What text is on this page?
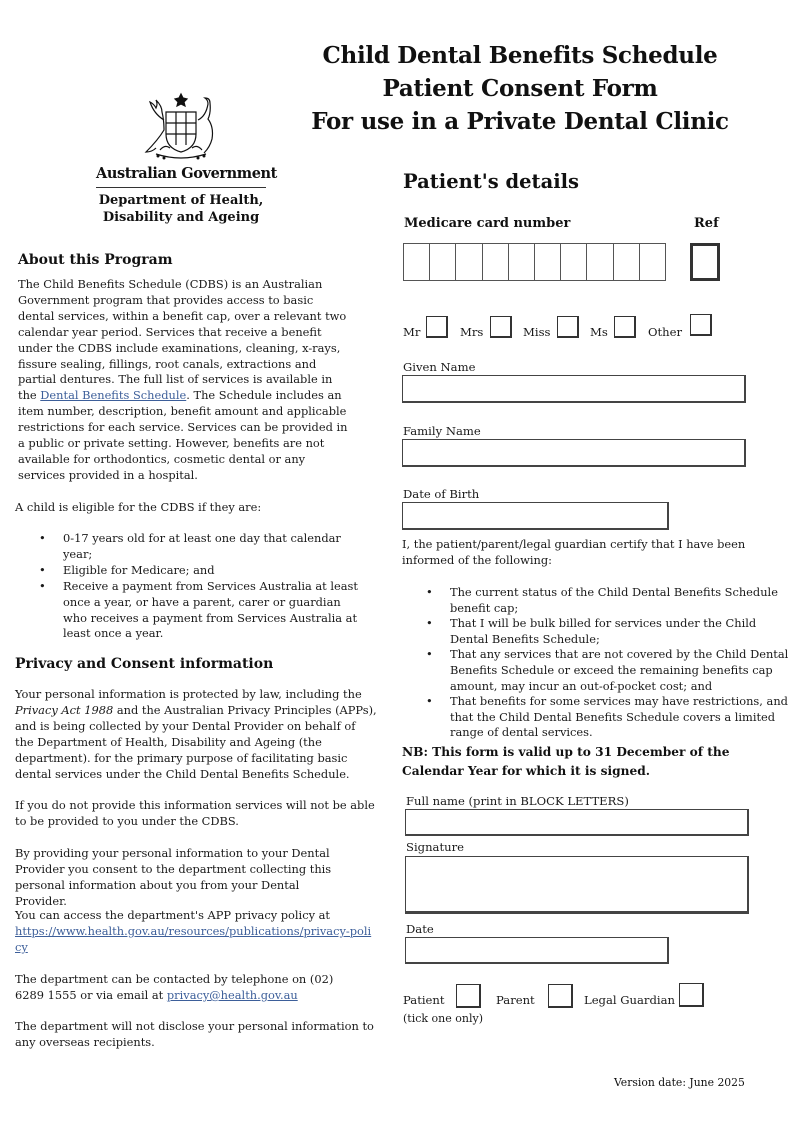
Child Dental Benefits Schedule
Patient Consent Form
For use in a Private Dental Clinic
Australian Government
Department of Health,
Disability and Ageing
About this Program

The Child Benefits Schedule (CDBS) is an Australian Government program that provides access to basic dental services, within a benefit cap, over a relevant two calendar year period. Services that receive a benefit under the CDBS include examinations, cleaning, x-rays, fissure sealing, fillings, root canals, extractions and partial dentures. The full list of services is available in the Dental Benefits Schedule. The Schedule includes an item number, description, benefit amount and applicable restrictions for each service. Services can be provided in a public or private setting. However, benefits are not available for orthodontics, cosmetic dental or any services provided in a hospital.

A child is eligible for the CDBS if they are:
• 0-17 years old for at least one day that calendar year;
• Eligible for Medicare; and
• Receive a payment from Services Australia at least once a year, or have a parent, carer or guardian who receives a payment from Services Australia at least once a year.
Privacy and Consent information
Your personal information is protected by law, including the Privacy Act 1988 and the Australian Privacy Principles (APPs), and is being collected by your Dental Provider on behalf of the Department of Health, Disability and Ageing (the department). for the primary purpose of facilitating basic dental services under the Child Dental Benefits Schedule.
If you do not provide this information services will not be able to be provided to you under the CDBS.
By providing your personal information to your Dental Provider you consent to the department collecting this personal information about you from your Dental Provider.
You can access the department's APP privacy policy at
https://www.health.gov.au/resources/publications/privacy-policy
The department can be contacted by telephone on (02) 6289 1555 or via email at privacy@health.gov.au
The department will not disclose your personal information to any overseas recipients.
Patient's details
Medicare card number	Ref
Mr	Mrs	Miss	Ms	Other
Given Name
Family Name
Date of Birth
I, the patient/parent/legal guardian certify that I have been informed of the following:
• The current status of the Child Dental Benefits Schedule benefit cap;
• That I will be bulk billed for services under the Child Dental Benefits Schedule;
• That any services that are not covered by the Child Dental Benefits Schedule or exceed the remaining benefits cap amount, may incur an out-of-pocket cost; and
• That benefits for some services may have restrictions, and that the Child Dental Benefits Schedule covers a limited range of dental services.
NB: This form is valid up to 31 December of the Calendar Year for which it is signed.
Full name (print in BLOCK LETTERS)
Signature
Date
Patient	Parent	Legal Guardian
(tick one only)
Version date: June 2025
